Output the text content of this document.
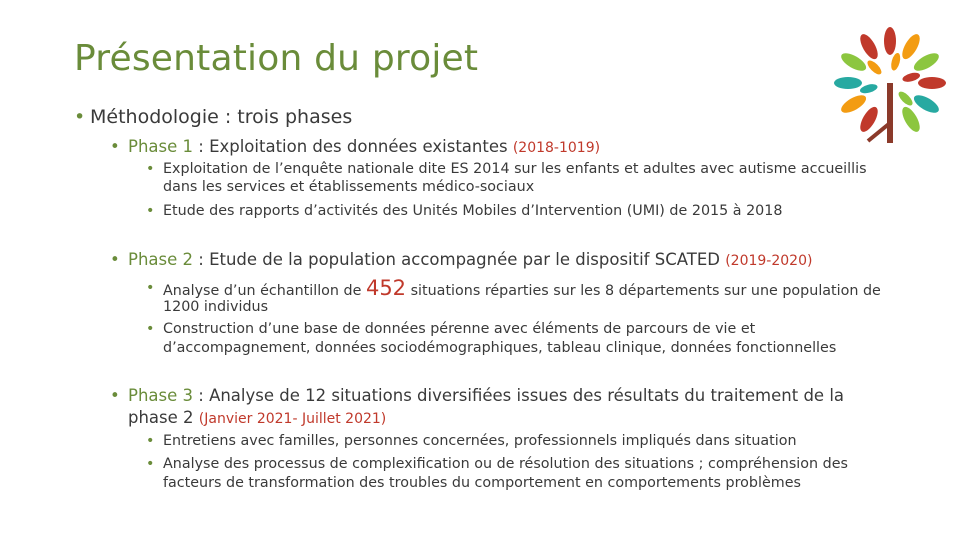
Présentation du projet
• Méthodologie : trois phases
• Phase 1 : Exploitation des données existantes (2018-1019)
• Exploitation de l’enquête nationale dite ES 2014 sur les enfants et adultes avec autisme accueillis
dans les services et établissements médico-sociaux
• Etude des rapports d’activités des Unités Mobiles d’Intervention (UMI) de 2015 à 2018
• Phase 2 : Etude de la population accompagnée par le dispositif SCATED (2019-2020)
• Analyse d’un échantillon de 452 situations réparties sur les 8 départements sur une population de
1200 individus
• Construction d’une base de données pérenne avec éléments de parcours de vie et
d’accompagnement, données sociodémographiques, tableau clinique, données fonctionnelles
• Phase 3 : Analyse de 12 situations diversifiées issues des résultats du traitement de la
phase 2 (Janvier 2021- Juillet 2021)
• Entretiens avec familles, personnes concernées, professionnels impliqués dans situation
• Analyse des processus de complexification ou de résolution des situations ; compréhension des
facteurs de transformation des troubles du comportement en comportements problèmes
